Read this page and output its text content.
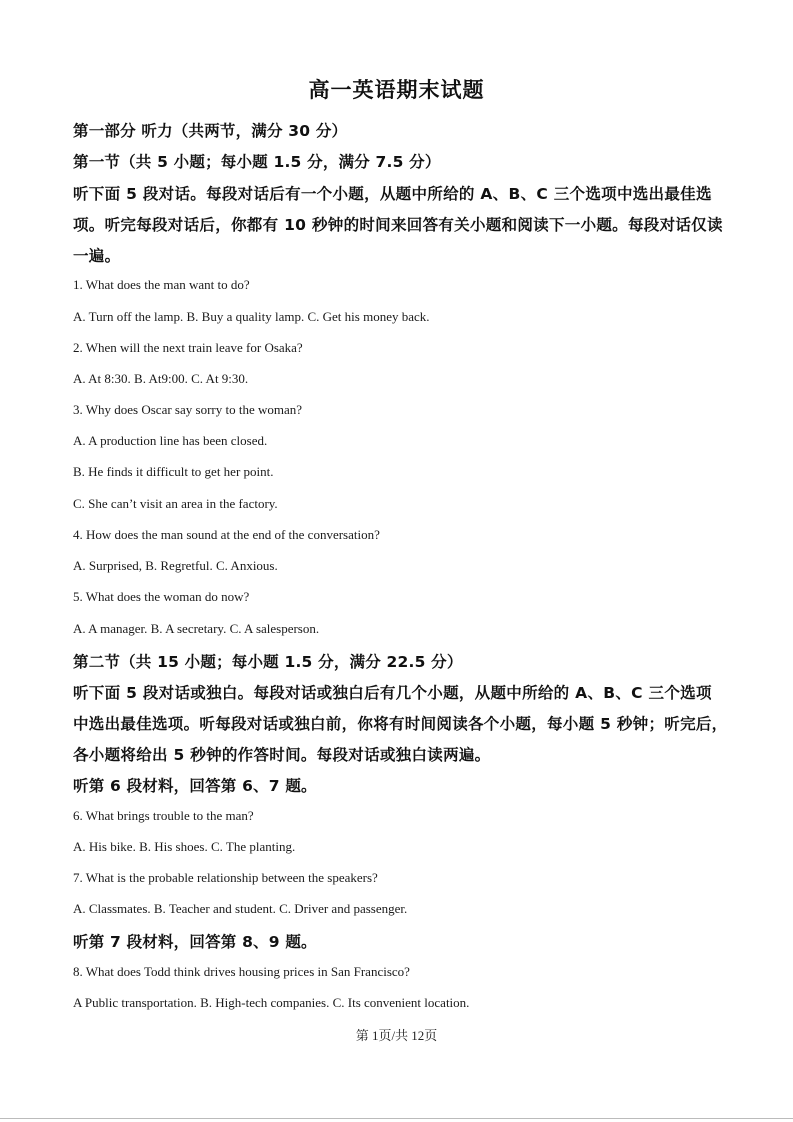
高一英语期末试题
第一部分 听力（共两节，满分 30 分）
第一节（共 5 小题；每小题 1.5 分，满分 7.5 分）
听下面 5 段对话。每段对话后有一个小题，从题中所给的 A、B、C 三个选项中选出最佳选
项。听完每段对话后，你都有 10 秒钟的时间来回答有关小题和阅读下一小题。每段对话仅读
一遍。
1. What does the man want to do?
A. Turn off the lamp. B. Buy a quality lamp. C. Get his money back.
2. When will the next train leave for Osaka?
A. At 8:30. B. At9:00. C. At 9:30.
3. Why does Oscar say sorry to the woman?
A. A production line has been closed.
B. He finds it difficult to get her point.
C. She can’t visit an area in the factory.
4. How does the man sound at the end of the conversation?
A. Surprised, B. Regretful. C. Anxious.
5. What does the woman do now?
A. A manager. B. A secretary. C. A salesperson.
第二节（共 15 小题；每小题 1.5 分，满分 22.5 分）
听下面 5 段对话或独白。每段对话或独白后有几个小题，从题中所给的 A、B、C 三个选项
中选出最佳选项。听每段对话或独白前，你将有时间阅读各个小题，每小题 5 秒钟；听完后，
各小题将给出 5 秒钟的作答时间。每段对话或独白读两遍。
听第 6 段材料，回答第 6、7 题。
6. What brings trouble to the man?
A. His bike. B. His shoes. C. The planting.
7. What is the probable relationship between the speakers?
A. Classmates. B. Teacher and student. C. Driver and passenger.
听第 7 段材料，回答第 8、9 题。
8. What does Todd think drives housing prices in San Francisco?
A Public transportation. B. High-tech companies. C. Its convenient location.
第 1页/共 12页
